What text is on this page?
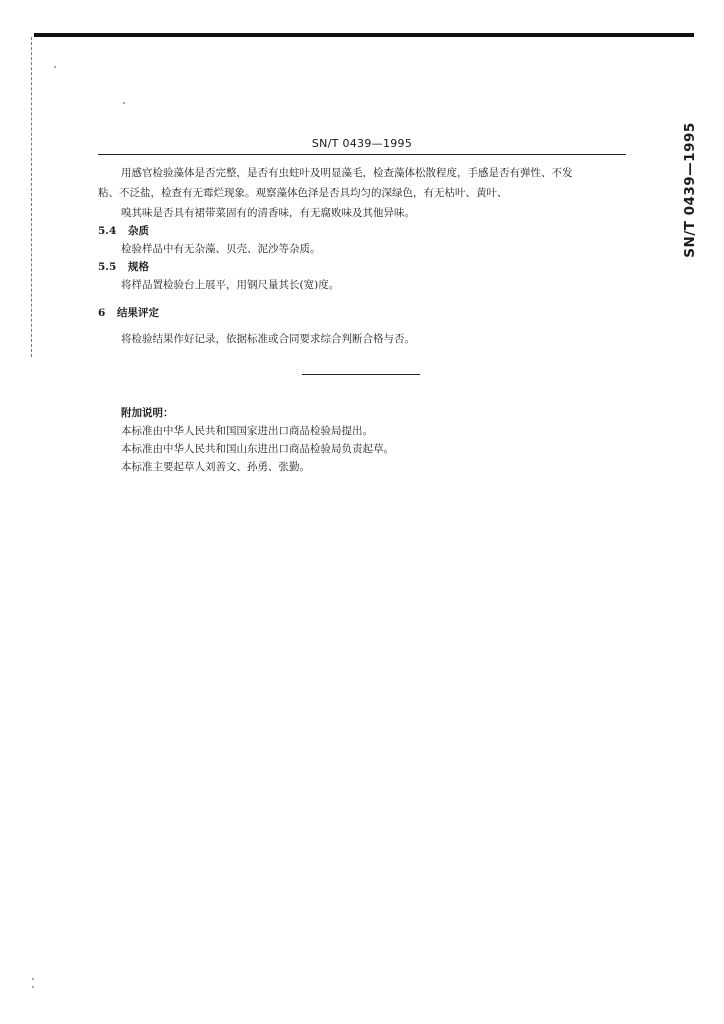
SN/T 0439—1995	SN/T 0439—1995
用感官检验藻体是否完整，是否有虫蛀叶及明显藻毛，检查藻体松散程度，手感是否有弹性、不发
粘、不泛盐，检查有无霉烂现象。观察藻体色泽是否具均匀的深绿色，有无枯叶、黄叶、
嗅其味是否具有裙带菜固有的清香味，有无腐败味及其他异味。
5.4 杂质
检验样品中有无杂藻、贝壳、泥沙等杂质。
5.5 规格
将样品置检验台上展平，用钢尺量其长(宽)度。
6 结果评定
将检验结果作好记录，依据标准或合同要求综合判断合格与否。
附加说明：
本标准由中华人民共和国国家进出口商品检验局提出。
本标准由中华人民共和国山东进出口商品检验局负责起草。
本标准主要起草人刘善文、孙勇、张勤。
